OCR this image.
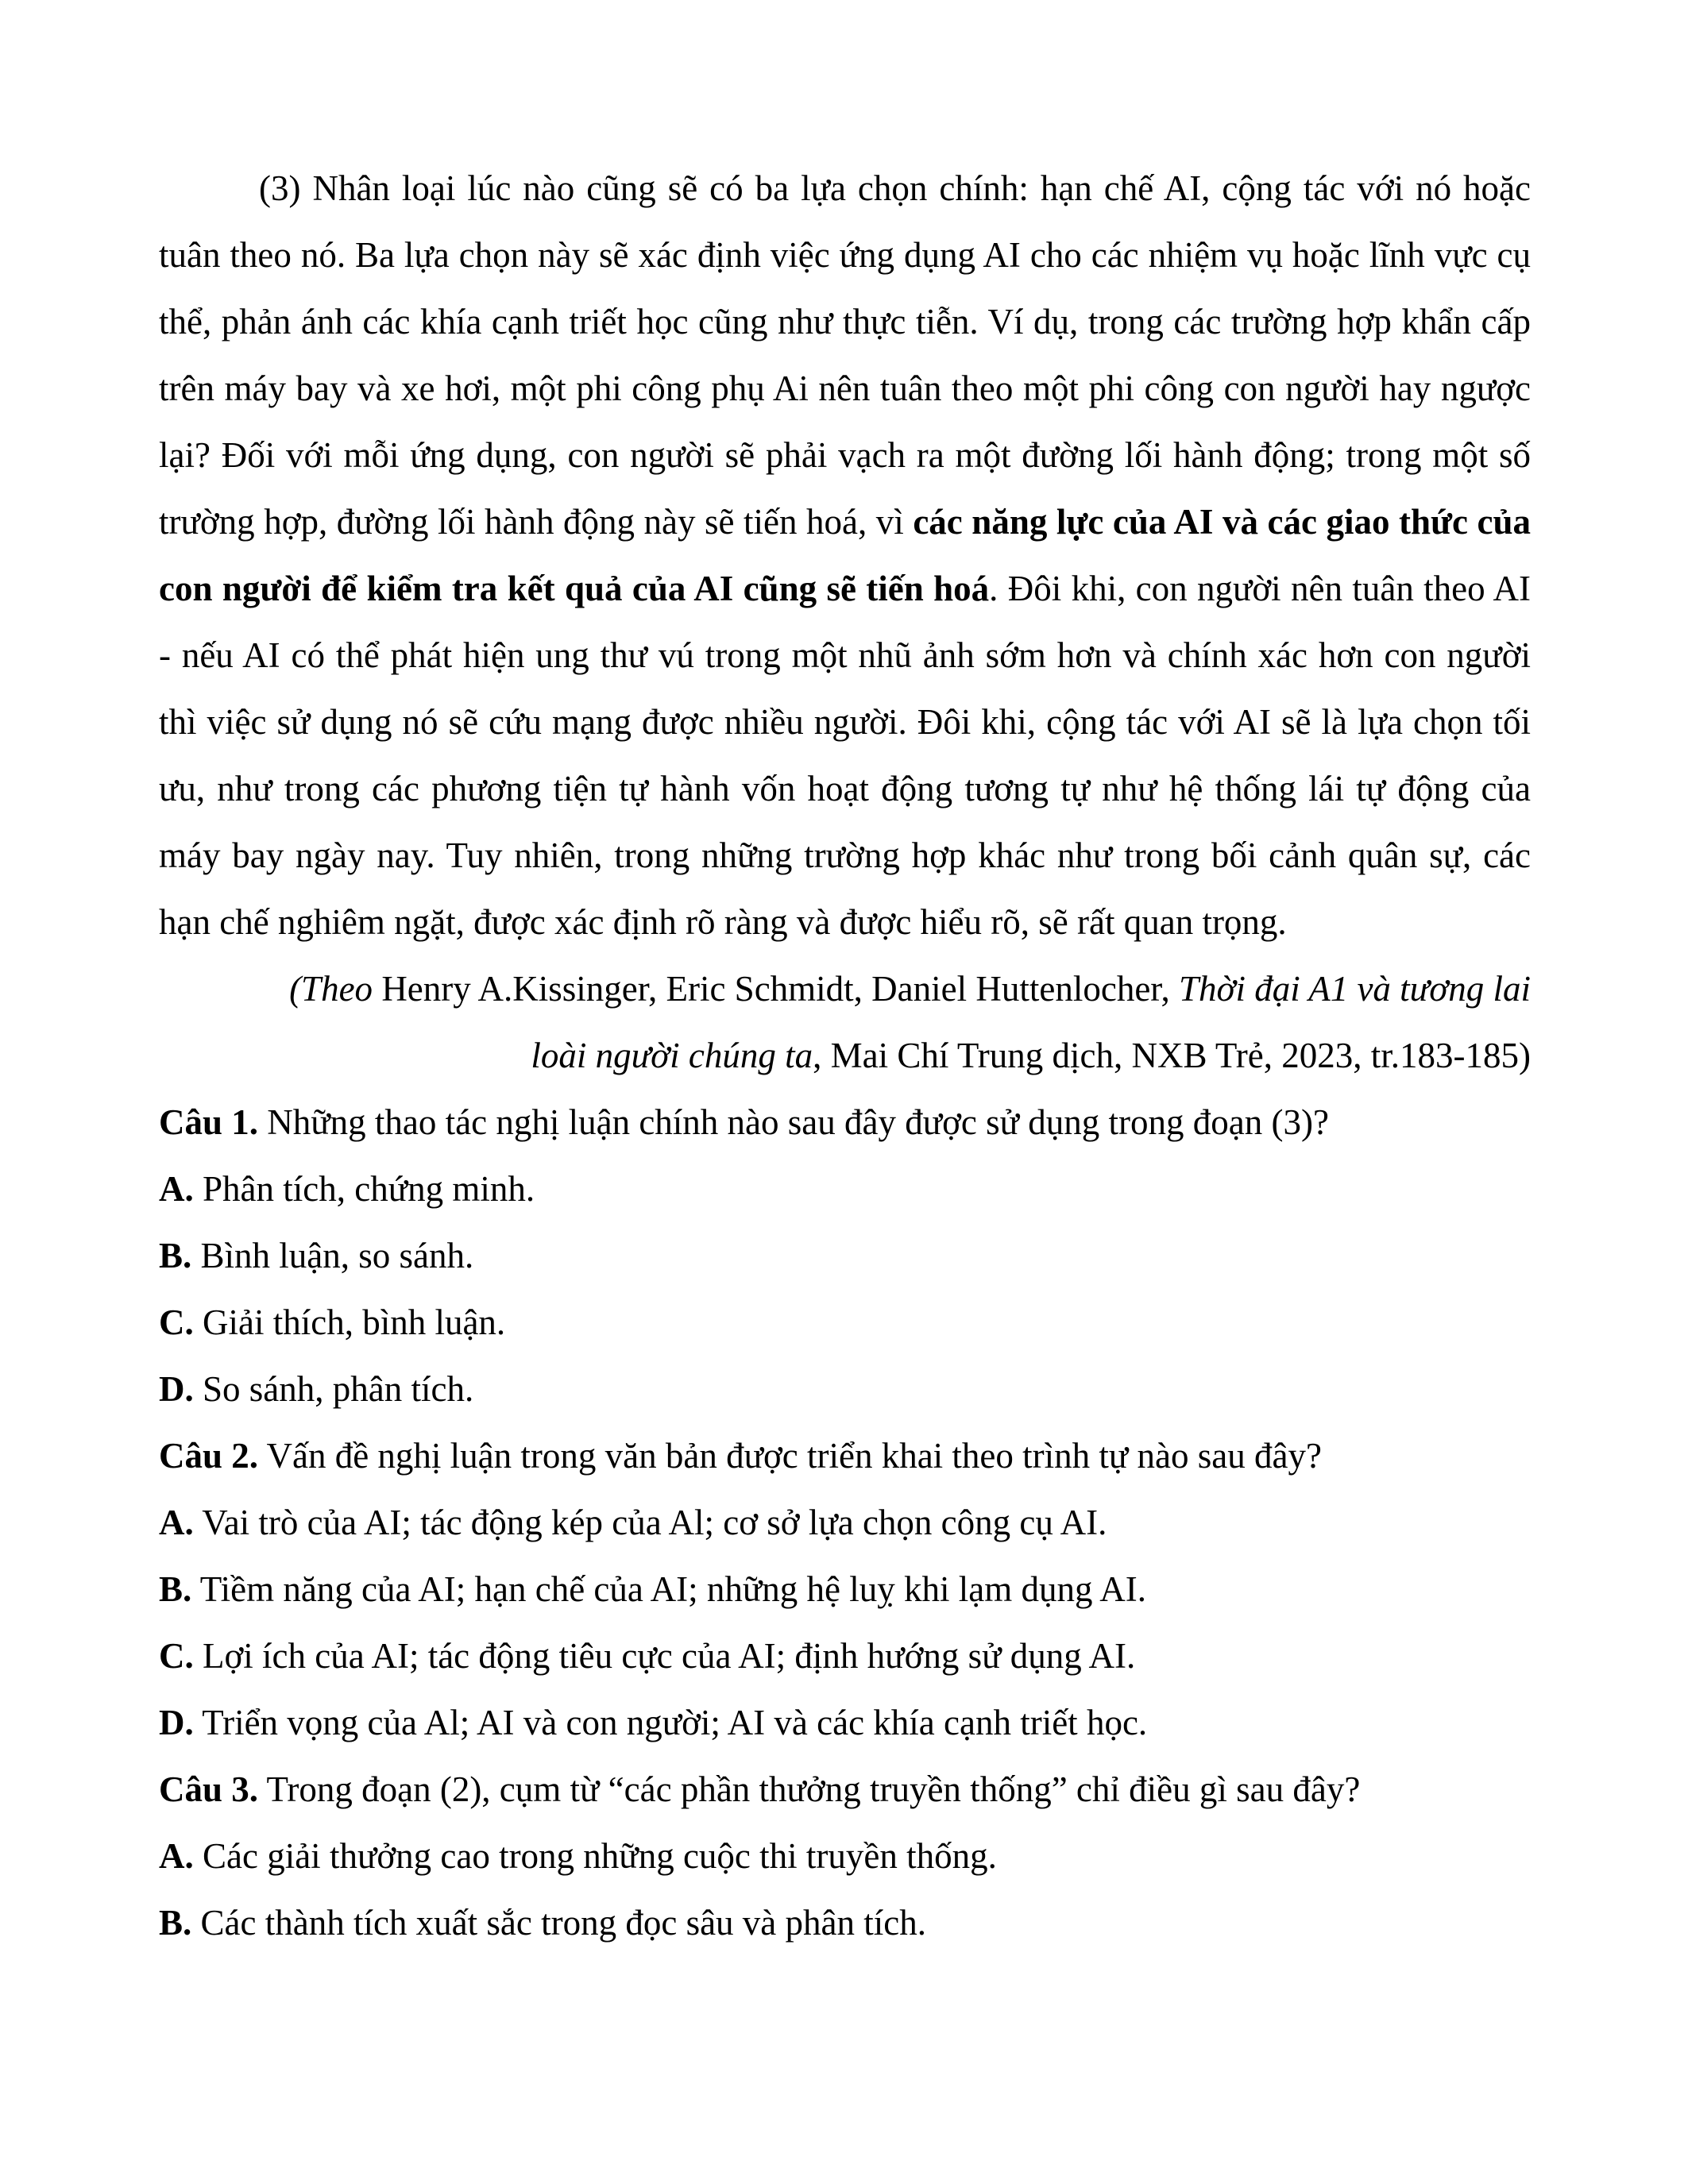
(3) Nhân loại lúc nào cũng sẽ có ba lựa chọn chính: hạn chế AI, cộng tác với nó hoặc tuân theo nó. Ba lựa chọn này sẽ xác định việc ứng dụng AI cho các nhiệm vụ hoặc lĩnh vực cụ thể, phản ánh các khía cạnh triết học cũng như thực tiễn. Ví dụ, trong các trường hợp khẩn cấp trên máy bay và xe hơi, một phi công phụ Ai nên tuân theo một phi công con người hay ngược lại? Đối với mỗi ứng dụng, con người sẽ phải vạch ra một đường lối hành động; trong một số trường hợp, đường lối hành động này sẽ tiến hoá, vì các năng lực của AI và các giao thức của con người để kiểm tra kết quả của AI cũng sẽ tiến hoá. Đôi khi, con người nên tuân theo AI - nếu AI có thể phát hiện ung thư vú trong một nhũ ảnh sớm hơn và chính xác hơn con người thì việc sử dụng nó sẽ cứu mạng được nhiều người. Đôi khi, cộng tác với AI sẽ là lựa chọn tối ưu, như trong các phương tiện tự hành vốn hoạt động tương tự như hệ thống lái tự động của máy bay ngày nay. Tuy nhiên, trong những trường hợp khác như trong bối cảnh quân sự, các hạn chế nghiêm ngặt, được xác định rõ ràng và được hiểu rõ, sẽ rất quan trọng.

(Theo Henry A.Kissinger, Eric Schmidt, Daniel Huttenlocher, Thời đại A1 và tương lai
loài người chúng ta, Mai Chí Trung dịch, NXB Trẻ, 2023, tr.183-185)
Câu 1. Những thao tác nghị luận chính nào sau đây được sử dụng trong đoạn (3)?
A. Phân tích, chứng minh.
B. Bình luận, so sánh.
C. Giải thích, bình luận.
D. So sánh, phân tích.
Câu 2. Vấn đề nghị luận trong văn bản được triển khai theo trình tự nào sau đây?
A. Vai trò của AI; tác động kép của Al; cơ sở lựa chọn công cụ AI.
B. Tiềm năng của AI; hạn chế của AI; những hệ luỵ khi lạm dụng AI.
C. Lợi ích của AI; tác động tiêu cực của AI; định hướng sử dụng AI.
D. Triển vọng của Al; AI và con người; AI và các khía cạnh triết học.
Câu 3. Trong đoạn (2), cụm từ “các phần thưởng truyền thống” chỉ điều gì sau đây?
A. Các giải thưởng cao trong những cuộc thi truyền thống.
B. Các thành tích xuất sắc trong đọc sâu và phân tích.
